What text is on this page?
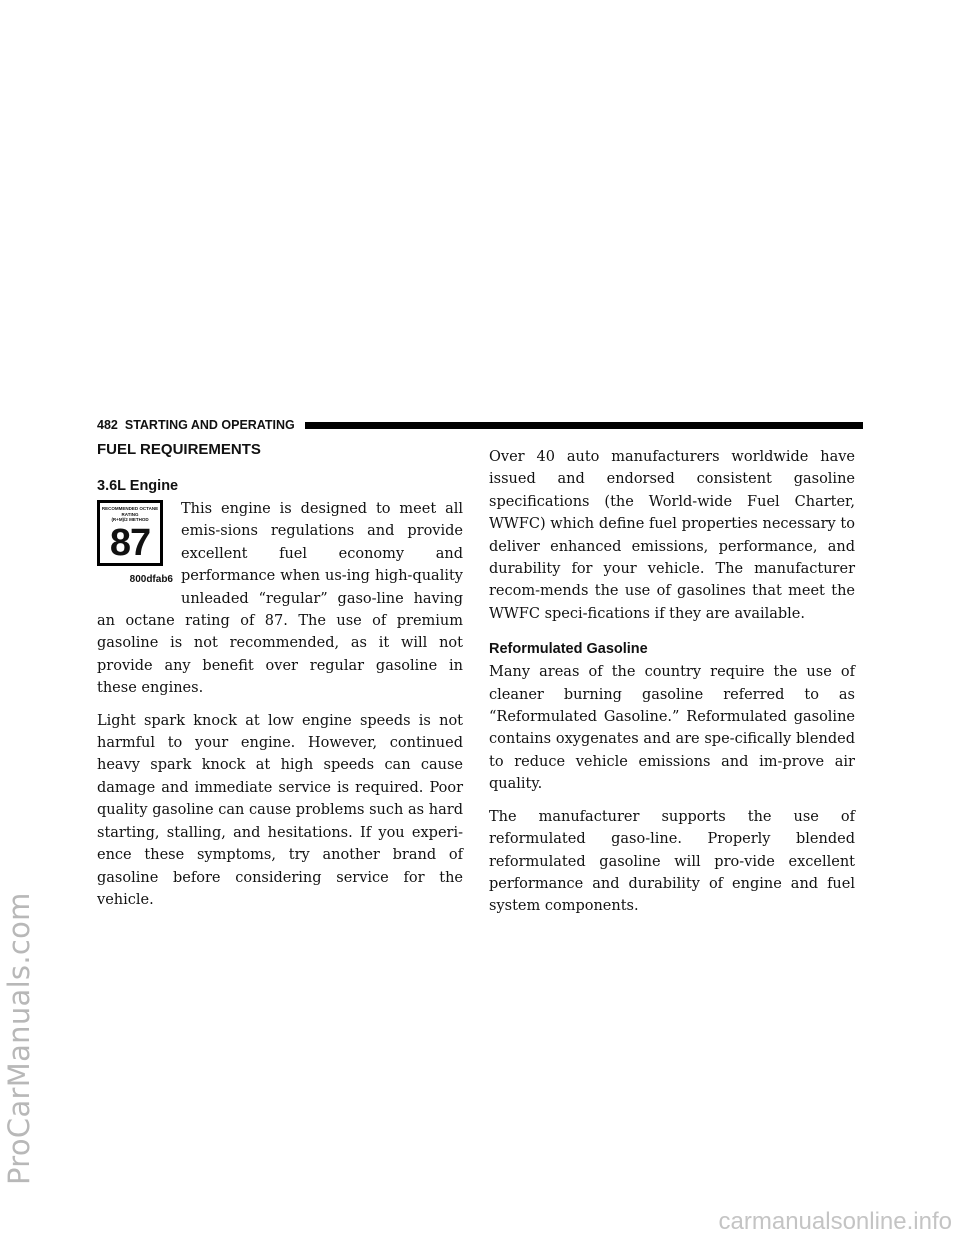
ProCarManuals.com
482 STARTING AND OPERATING
FUEL REQUIREMENTS
3.6L Engine
RECOMMENDED OCTANE RATING
(R+M)/2 METHOD
87
800dfab6

This engine is designed to meet all emis-sions regulations and provide excellent fuel economy and performance when us-ing high-quality unleaded “regular” gaso-line having an octane rating of 87. The use of premium gasoline is not recommended, as it will not provide any benefit over regular gasoline in these engines.

Light spark knock at low engine speeds is not harmful to your engine. However, continued heavy spark knock at high speeds can cause damage and immediate service is required. Poor quality gasoline can cause problems such as hard starting, stalling, and hesitations. If you experi-ence these symptoms, try another brand of gasoline before considering service for the vehicle.

Over 40 auto manufacturers worldwide have issued and endorsed consistent gasoline specifications (the World-wide Fuel Charter, WWFC) which define fuel properties necessary to deliver enhanced emissions, performance, and durability for your vehicle. The manufacturer recom-mends the use of gasolines that meet the WWFC speci-fications if they are available.

Reformulated Gasoline

Many areas of the country require the use of cleaner burning gasoline referred to as “Reformulated Gasoline.” Reformulated gasoline contains oxygenates and are spe-cifically blended to reduce vehicle emissions and im-prove air quality.

The manufacturer supports the use of reformulated gaso-line. Properly blended reformulated gasoline will pro-vide excellent performance and durability of engine and fuel system components.

carmanualsonline.info
